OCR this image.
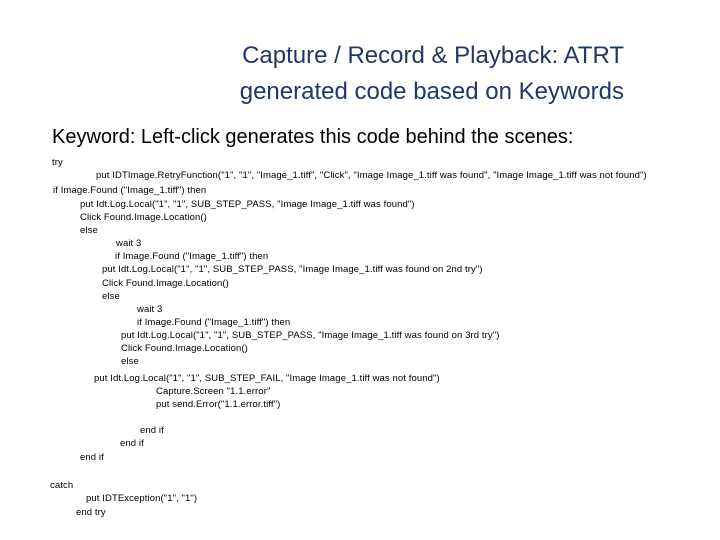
Capture / Record & Playback: ATRT
generated code based on Keywords
Keyword: Left-click generates this code behind the scenes:
try
put IDTImage.RetryFunction("1", "1", "Image_1.tiff", "Click", "Image Image_1.tiff was found", "Image Image_1.tiff was not found")
if Image.Found ("Image_1.tiff") then
put Idt.Log.Local("1", "1", SUB_STEP_PASS, "Image Image_1.tiff was found")
Click Found.Image.Location()
else
wait 3
if Image.Found ("Image_1.tiff") then
put Idt.Log.Local("1", "1", SUB_STEP_PASS, "Image Image_1.tiff was found on 2nd try")
Click Found.Image.Location()
else
wait 3
if Image.Found ("Image_1.tiff") then
put Idt.Log.Local("1", "1", SUB_STEP_PASS, "Image Image_1.tiff was found on 3rd try")
Click Found.Image.Location()
else
put Idt.Log.Local("1", "1", SUB_STEP_FAIL, "Image Image_1.tiff was not found")
Capture.Screen "1.1.error"
put send.Error("1.1.error.tiff")
end if
end if
end if
catch
put IDTException("1", "1")
end try
